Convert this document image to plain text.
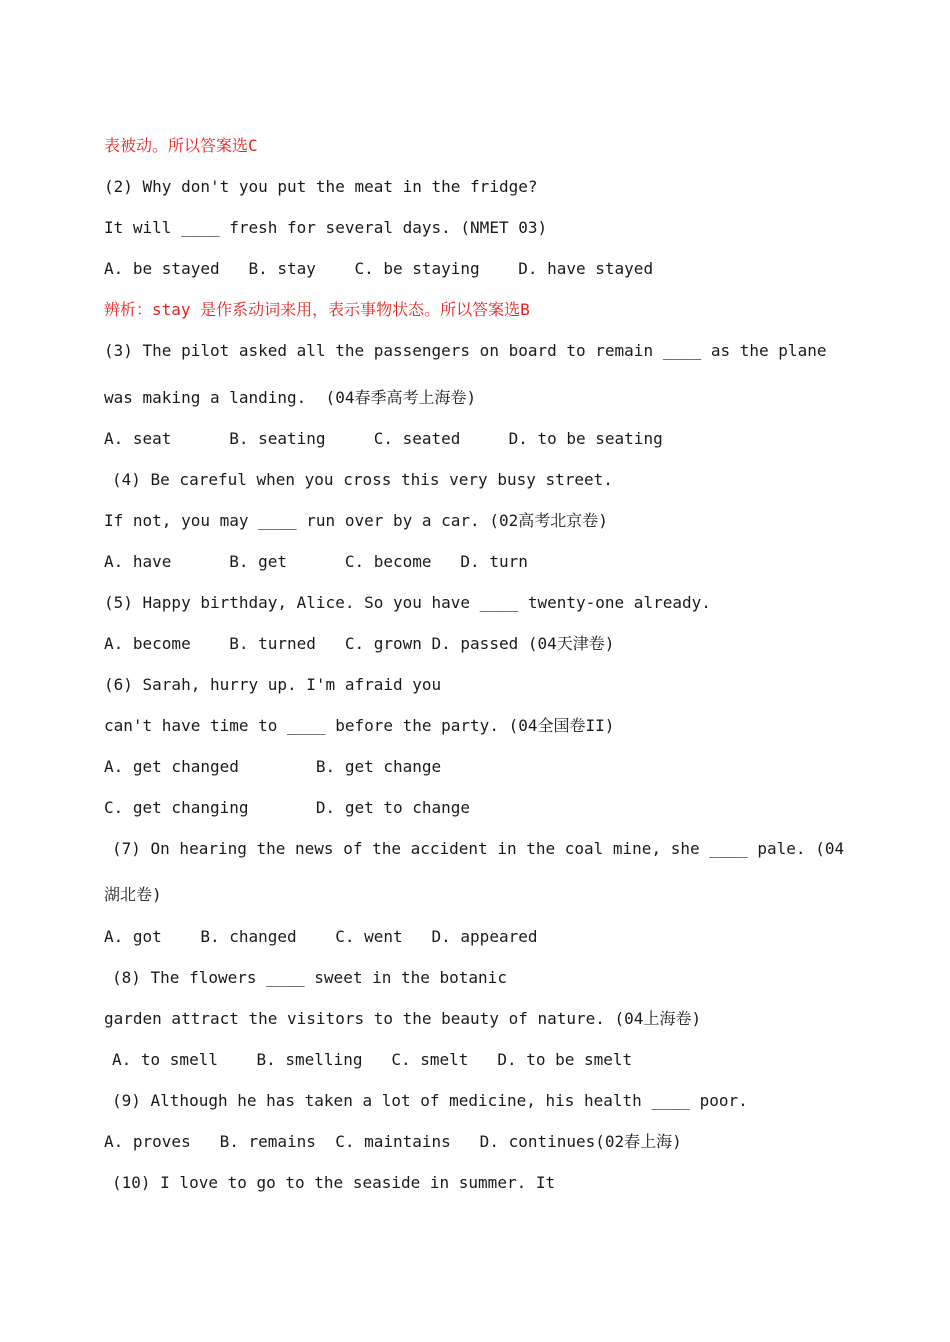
表被动。所以答案选C
(2) Why don't you put the meat in the fridge?
It will ____ fresh for several days. (NMET 03)
A. be stayed   B. stay    C. be staying    D. have stayed
辨析：stay 是作系动词来用，表示事物状态。所以答案选B
(3) The pilot asked all the passengers on board to remain ____ as the plane
was making a landing.  (04春季高考上海卷)
A. seat      B. seating     C. seated     D. to be seating
(4) Be careful when you cross this very busy street.
If not, you may ____ run over by a car. (02高考北京卷)
A. have      B. get      C. become   D. turn
(5) Happy birthday, Alice. So you have ____ twenty-one already.
A. become    B. turned   C. grown D. passed (04天津卷)
(6) Sarah, hurry up. I'm afraid you
can't have time to ____ before the party. (04全国卷II)
A. get changed        B. get change
C. get changing       D. get to change
(7) On hearing the news of the accident in the coal mine, she ____ pale. (04
湖北卷)
A. got    B. changed    C. went   D. appeared
(8) The flowers ____ sweet in the botanic
garden attract the visitors to the beauty of nature. (04上海卷)
A. to smell    B. smelling   C. smelt   D. to be smelt
(9) Although he has taken a lot of medicine, his health ____ poor.
A. proves   B. remains  C. maintains   D. continues(02春上海)
(10) I love to go to the seaside in summer. It
